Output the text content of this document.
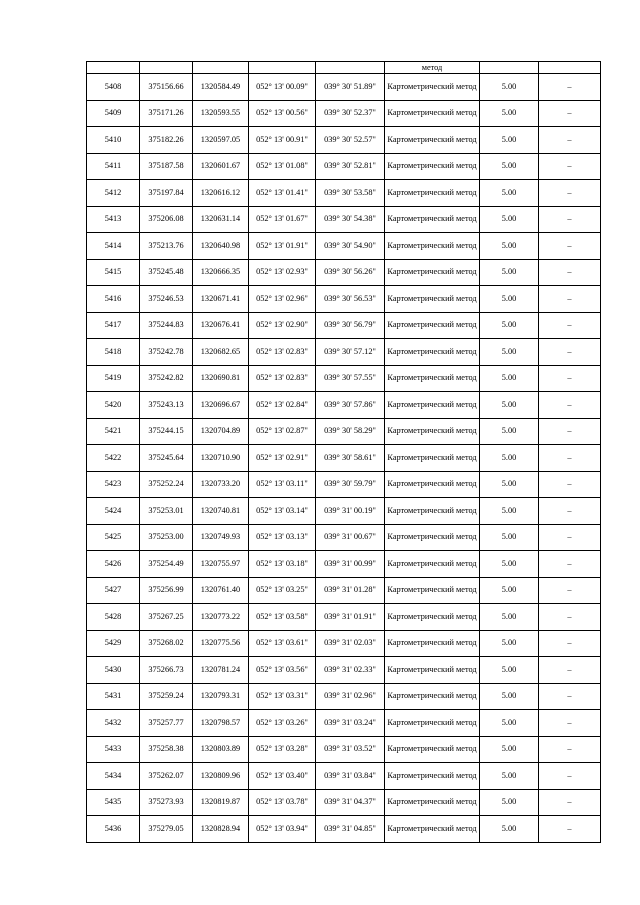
					метод		
5408	375156.66	1320584.49	052° 13' 00.09"	039° 30' 51.89"	Картометрический метод	5.00	–
5409	375171.26	1320593.55	052° 13' 00.56"	039° 30' 52.37"	Картометрический метод	5.00	–
5410	375182.26	1320597.05	052° 13' 00.91"	039° 30' 52.57"	Картометрический метод	5.00	–
5411	375187.58	1320601.67	052° 13' 01.08"	039° 30' 52.81"	Картометрический метод	5.00	–
5412	375197.84	1320616.12	052° 13' 01.41"	039° 30' 53.58"	Картометрический метод	5.00	–
5413	375206.08	1320631.14	052° 13' 01.67"	039° 30' 54.38"	Картометрический метод	5.00	–
5414	375213.76	1320640.98	052° 13' 01.91"	039° 30' 54.90"	Картометрический метод	5.00	–
5415	375245.48	1320666.35	052° 13' 02.93"	039° 30' 56.26"	Картометрический метод	5.00	–
5416	375246.53	1320671.41	052° 13' 02.96"	039° 30' 56.53"	Картометрический метод	5.00	–
5417	375244.83	1320676.41	052° 13' 02.90"	039° 30' 56.79"	Картометрический метод	5.00	–
5418	375242.78	1320682.65	052° 13' 02.83"	039° 30' 57.12"	Картометрический метод	5.00	–
5419	375242.82	1320690.81	052° 13' 02.83"	039° 30' 57.55"	Картометрический метод	5.00	–
5420	375243.13	1320696.67	052° 13' 02.84"	039° 30' 57.86"	Картометрический метод	5.00	–
5421	375244.15	1320704.89	052° 13' 02.87"	039° 30' 58.29"	Картометрический метод	5.00	–
5422	375245.64	1320710.90	052° 13' 02.91"	039° 30' 58.61"	Картометрический метод	5.00	–
5423	375252.24	1320733.20	052° 13' 03.11"	039° 30' 59.79"	Картометрический метод	5.00	–
5424	375253.01	1320740.81	052° 13' 03.14"	039° 31' 00.19"	Картометрический метод	5.00	–
5425	375253.00	1320749.93	052° 13' 03.13"	039° 31' 00.67"	Картометрический метод	5.00	–
5426	375254.49	1320755.97	052° 13' 03.18"	039° 31' 00.99"	Картометрический метод	5.00	–
5427	375256.99	1320761.40	052° 13' 03.25"	039° 31' 01.28"	Картометрический метод	5.00	–
5428	375267.25	1320773.22	052° 13' 03.58"	039° 31' 01.91"	Картометрический метод	5.00	–
5429	375268.02	1320775.56	052° 13' 03.61"	039° 31' 02.03"	Картометрический метод	5.00	–
5430	375266.73	1320781.24	052° 13' 03.56"	039° 31' 02.33"	Картометрический метод	5.00	–
5431	375259.24	1320793.31	052° 13' 03.31"	039° 31' 02.96"	Картометрический метод	5.00	–
5432	375257.77	1320798.57	052° 13' 03.26"	039° 31' 03.24"	Картометрический метод	5.00	–
5433	375258.38	1320803.89	052° 13' 03.28"	039° 31' 03.52"	Картометрический метод	5.00	–
5434	375262.07	1320809.96	052° 13' 03.40"	039° 31' 03.84"	Картометрический метод	5.00	–
5435	375273.93	1320819.87	052° 13' 03.78"	039° 31' 04.37"	Картометрический метод	5.00	–
5436	375279.05	1320828.94	052° 13' 03.94"	039° 31' 04.85"	Картометрический метод	5.00	–
